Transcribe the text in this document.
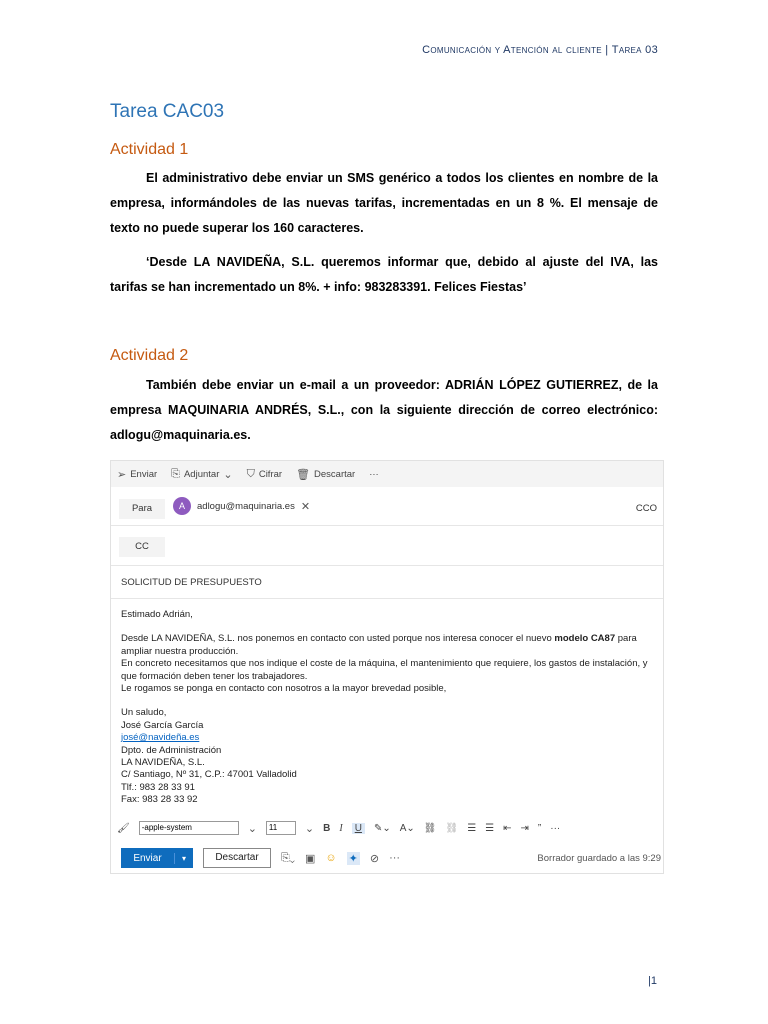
Comunicación y Atención al cliente | Tarea 03
Tarea CAC03
Actividad 1
El administrativo debe enviar un SMS genérico a todos los clientes en nombre de la empresa, informándoles de las nuevas tarifas, incrementadas en un 8 %. El mensaje de texto no puede superar los 160 caracteres.
‘Desde LA NAVIDEÑA, S.L. queremos informar que, debido al ajuste del IVA, las tarifas se han incrementado un 8%. + info: 983283391. Felices Fiestas’
Actividad 2
También debe enviar un e-mail a un proveedor: ADRIÁN LÓPEZ GUTIERREZ, de la empresa MAQUINARIA ANDRÉS, S.L., con la siguiente dirección de correo electrónico: adlogu@maquinaria.es.
➢ Enviar ⎘ Adjuntar ⌄ ⛉ Cifrar 🗑 Descartar ···
Para	A	adlogu@maquinaria.es ✕	CCO
CC
SOLICITUD DE PRESUPUESTO
Estimado Adrián,
Desde LA NAVIDEÑA, S.L. nos ponemos en contacto con usted porque nos interesa conocer el nuevo modelo CA87 para ampliar nuestra producción.
En concreto necesitamos que nos indique el coste de la máquina, el mantenimiento que requiere, los gastos de instalación, y que formación deben tener los trabajadores.
Le rogamos se ponga en contacto con nosotros a la mayor brevedad posible,
Un saludo,
José García García
josé@navideña.es
Dpto. de Administración
LA NAVIDEÑA, S.L.
C/ Santiago, Nº 31, C.P.: 47001 Valladolid
Tlf.: 983 28 33 91
Fax: 983 28 33 92
🖌	-apple-system	⌄	11	⌄ B I	U	✎⌄ A⌄ ⛓ ⛓ ☰ ☰ ⇤ ⇥ ” ···
Enviar	▾	Descartar	⎘⌄ ▣ ☺ ✦ ⊘ ···	Borrador guardado a las 9:29
|1
